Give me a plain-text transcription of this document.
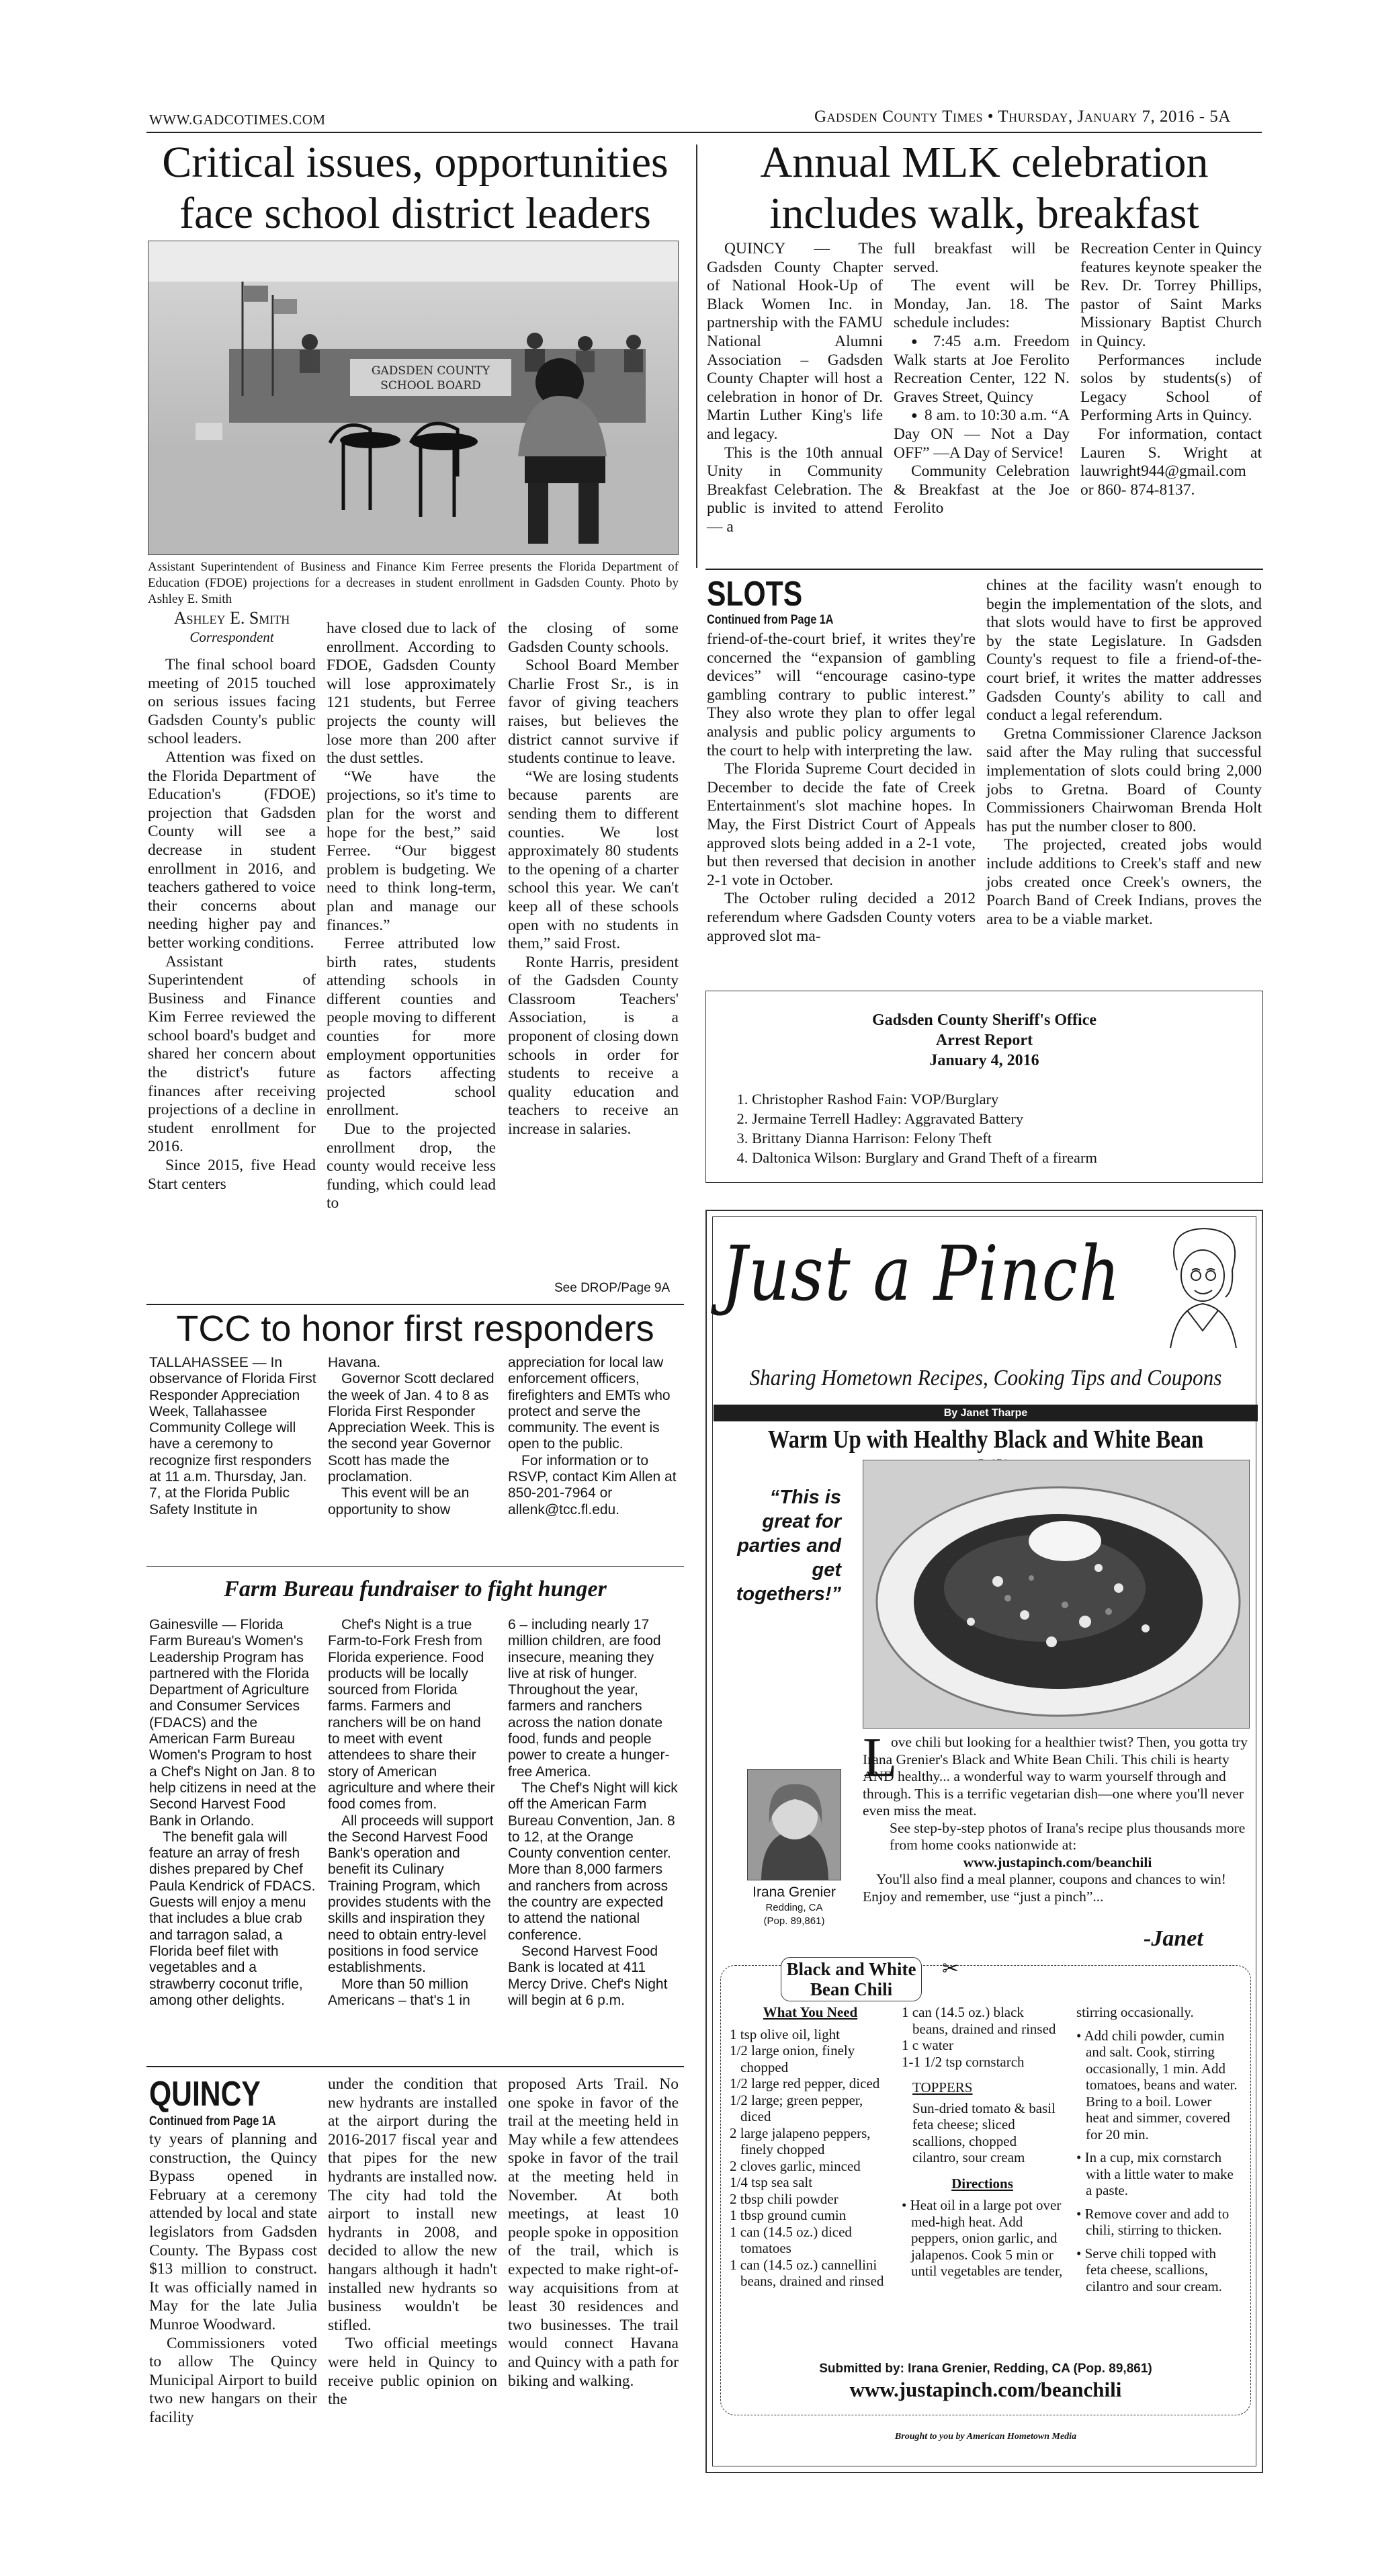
WWW.GADCOTIMES.COM	Gadsden County Times • Thursday, January 7, 2016 - 5A
Critical issues, opportunities
face school district leaders
GADSDEN COUNTY
SCHOOL BOARD
Assistant Superintendent of Business and Finance Kim Ferree presents the Florida Department of Education (FDOE) projections for a decreases in student enrollment in Gadsden County. Photo by Ashley E. Smith
Ashley E. Smith
Correspondent

The final school board meeting of 2015 touched on serious issues facing Gadsden County's public school leaders.

Attention was fixed on the Florida Department of Education's (FDOE) projection that Gadsden County will see a decrease in student enrollment in 2016, and teachers gathered to voice their concerns about needing higher pay and better working conditions.

Assistant Superintendent of Business and Finance Kim Ferree reviewed the school board's budget and shared her concern about the district's future finances after receiving projections of a decline in student enrollment for 2016.

Since 2015, five Head Start centers

have closed due to lack of enrollment. According to FDOE, Gadsden County will lose approximately 121 students, but Ferree projects the county will lose more than 200 after the dust settles.

“We have the projections, so it's time to plan for the worst and hope for the best,” said Ferree. “Our biggest problem is budgeting. We need to think long-term, plan and manage our finances.”

Ferree attributed low birth rates, students attending schools in different counties and people moving to different counties for more employment opportunities as factors affecting projected school enrollment.

Due to the projected enrollment drop, the county would receive less funding, which could lead to

the closing of some Gadsden County schools.

School Board Member Charlie Frost Sr., is in favor of giving teachers raises, but believes the district cannot survive if students continue to leave.

“We are losing students because parents are sending them to different counties. We lost approximately 80 students to the opening of a charter school this year. We can't keep all of these schools open with no students in them,” said Frost.

Ronte Harris, president of the Gadsden County Classroom Teachers' Association, is a proponent of closing down schools in order for students to receive a quality education and teachers to receive an increase in salaries.

See DROP/Page 9A
TCC to honor first responders

TALLAHASSEE — In observance of Florida First Responder Appreciation Week, Tallahassee Community College will have a ceremony to recognize first responders at 11 a.m. Thursday, Jan. 7, at the Florida Public Safety Institute in

Havana.

Governor Scott declared the week of Jan. 4 to 8 as Florida First Responder Appreciation Week. This is the second year Governor Scott has made the proclamation.

This event will be an opportunity to show

appreciation for local law enforcement officers, firefighters and EMTs who protect and serve the community. The event is open to the public.

For information or to RSVP, contact Kim Allen at 850-201-7964 or allenk@tcc.fl.edu.

Farm Bureau fundraiser to fight hunger

Gainesville — Florida Farm Bureau's Women's Leadership Program has partnered with the Florida Department of Agriculture and Consumer Services (FDACS) and the American Farm Bureau Women's Program to host a Chef's Night on Jan. 8 to help citizens in need at the Second Harvest Food Bank in Orlando.

The benefit gala will feature an array of fresh dishes prepared by Chef Paula Kendrick of FDACS. Guests will enjoy a menu that includes a blue crab and tarragon salad, a Florida beef filet with vegetables and a strawberry coconut trifle, among other delights.

Chef's Night is a true Farm-to-Fork Fresh from Florida experience. Food products will be locally sourced from Florida farms. Farmers and ranchers will be on hand to meet with event attendees to share their story of American agriculture and where their food comes from.

All proceeds will support the Second Harvest Food Bank's operation and benefit its Culinary Training Program, which provides students with the skills and inspiration they need to obtain entry-level positions in food service establishments.

More than 50 million Americans – that's 1 in

6 – including nearly 17 million children, are food insecure, meaning they live at risk of hunger. Throughout the year, farmers and ranchers across the nation donate food, funds and people power to create a hunger-free America.

The Chef's Night will kick off the American Farm Bureau Convention, Jan. 8 to 12, at the Orange County convention center. More than 8,000 farmers and ranchers from across the country are expected to attend the national conference.

Second Harvest Food Bank is located at 411 Mercy Drive. Chef's Night will begin at 6 p.m.

QUINCY
Continued from Page 1A

ty years of planning and construction, the Quincy Bypass opened in February at a ceremony attended by local and state legislators from Gadsden County. The Bypass cost $13 million to construct. It was officially named in May for the late Julia Munroe Woodward.

Commissioners voted to allow The Quincy Municipal Airport to build two new hangars on their facility

under the condition that new hydrants are installed at the airport during the 2016-2017 fiscal year and that pipes for the new hydrants are installed now. The city had told the airport to install new hydrants in 2008, and decided to allow the new hangars although it hadn't installed new hydrants so business wouldn't be stifled.

Two official meetings were held in Quincy to receive public opinion on the

proposed Arts Trail. No one spoke in favor of the trail at the meeting held in May while a few attendees spoke in favor of the trail at the meeting held in November. At both meetings, at least 10 people spoke in opposition of the trail, which is expected to make right-of-way acquisitions from at least 30 residences and two businesses. The trail would connect Havana and Quincy with a path for biking and walking.

Annual MLK celebration
includes walk, breakfast

QUINCY — The Gadsden County Chapter of National Hook-Up of Black Women Inc. in partnership with the FAMU National Alumni Association – Gadsden County Chapter will host a celebration in honor of Dr. Martin Luther King's life and legacy.

This is the 10th annual Unity in Community Breakfast Celebration. The public is invited to attend — a

full breakfast will be served.

The event will be Monday, Jan. 18. The schedule includes:

● 7:45 a.m. Freedom Walk starts at Joe Ferolito Recreation Center, 122 N. Graves Street, Quincy

● 8 am. to 10:30 a.m. “A Day ON — Not a Day OFF” —A Day of Service!

Community Celebration & Breakfast at the Joe Ferolito

Recreation Center in Quincy features keynote speaker the Rev. Dr. Torrey Phillips, pastor of Saint Marks Missionary Baptist Church in Quincy.

Performances include solos by students(s) of Legacy School of Performing Arts in Quincy.

For information, contact Lauren S. Wright at lauwright944@gmail.com or 860- 874-8137.

SLOTS
Continued from Page 1A

friend-of-the-court brief, it writes they're concerned the “expansion of gambling devices” will “encourage casino-type gambling contrary to public interest.” They also wrote they plan to offer legal analysis and public policy arguments to the court to help with interpreting the law.

The Florida Supreme Court decided in December to decide the fate of Creek Entertainment's slot machine hopes. In May, the First District Court of Appeals approved slots being added in a 2-1 vote, but then reversed that decision in another 2-1 vote in October.

The October ruling decided a 2012 referendum where Gadsden County voters approved slot ma-

chines at the facility wasn't enough to begin the implementation of the slots, and that slots would have to first be approved by the state Legislature. In Gadsden County's request to file a friend-of-the-court brief, it writes the matter addresses Gadsden County's ability to call and conduct a legal referendum.

Gretna Commissioner Clarence Jackson said after the May ruling that successful implementation of slots could bring 2,000 jobs to Gretna. Board of County Commissioners Chairwoman Brenda Holt has put the number closer to 800.

The projected, created jobs would include additions to Creek's staff and new jobs created once Creek's owners, the Poarch Band of Creek Indians, proves the area to be a viable market.

Gadsden County Sheriff's Office
Arrest Report
January 4, 2016
1. Christopher Rashod Fain: VOP/Burglary
2. Jermaine Terrell Hadley: Aggravated Battery
3. Brittany Dianna Harrison: Felony Theft
4. Daltonica Wilson: Burglary and Grand Theft of a firearm
Just a Pinch
Sharing Hometown Recipes, Cooking Tips and Coupons
By Janet Tharpe
Warm Up with Healthy Black and White Bean
“This is great for parties and get togethers!”
L

ove chili but looking for a healthier twist? Then, you gotta try Irana Grenier's Black and White Bean Chili. This chili is hearty AND healthy... a wonderful way to warm yourself through and through. This is a terrific vegetarian dish—one where you'll never even miss the meat.

See step-by-step photos of Irana's recipe plus thousands more from home cooks nationwide at:

www.justapinch.com/beanchili

You'll also find a meal planner, coupons and chances to win! Enjoy and remember, use “just a pinch”...

-Janet
Irana Grenier
Redding, CA
(Pop. 89,861)
Black and White
Bean Chili
✂
What You Need
1 tsp olive oil, light
1/2 large onion, finely chopped
1/2 large red pepper, diced
1/2 large; green pepper, diced
2 large jalapeno peppers, finely chopped
2 cloves garlic, minced
1/4 tsp sea salt
2 tbsp chili powder
1 tbsp ground cumin
1 can (14.5 oz.) diced tomatoes
1 can (14.5 oz.) cannellini beans, drained and rinsed
1 can (14.5 oz.) black beans, drained and rinsed
1 c water
1-1 1/2 tsp cornstarch
TOPPERS
Sun-dried tomato & basil feta cheese; sliced scallions, chopped cilantro, sour cream
Directions
• Heat oil in a large pot over med-high heat. Add peppers, onion garlic, and jalapenos. Cook 5 min or until vegetables are tender,
stirring occasionally.
• Add chili powder, cumin and salt. Cook, stirring occasionally, 1 min. Add tomatoes, beans and water. Bring to a boil. Lower heat and simmer, covered for 20 min.
• In a cup, mix cornstarch with a little water to make a paste.
• Remove cover and add to chili, stirring to thicken.
• Serve chili topped with feta cheese, scallions, cilantro and sour cream.
Submitted by: Irana Grenier, Redding, CA (Pop. 89,861)
www.justapinch.com/beanchili
Brought to you by American Hometown Media
